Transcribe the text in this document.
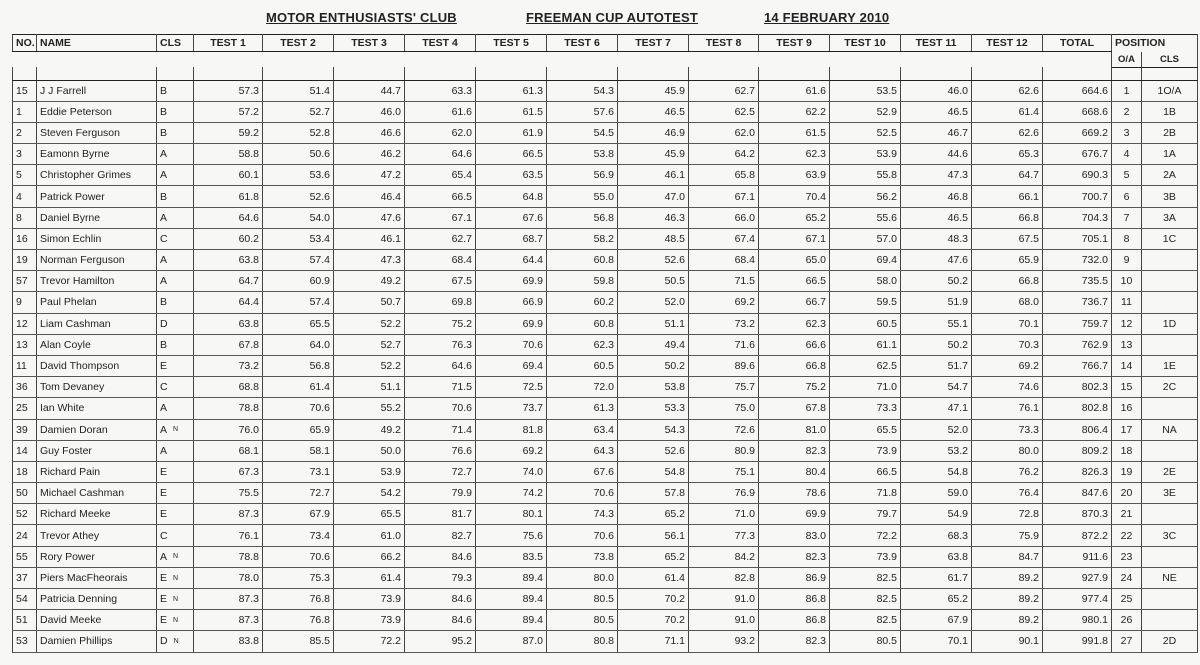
MOTOR ENTHUSIASTS' CLUB	FREEMAN CUP AUTOTEST	14 FEBRUARY 2010
NO.	NAME	CLS	TEST 1	TEST 2	TEST 3	TEST 4	TEST 5	TEST 6	TEST 7	TEST 8	TEST 9	TEST 10	TEST 11	TEST 12	TOTAL	POSITION	
																O/A	CLS

15	J J Farrell	B	57.3	51.4	44.7	63.3	61.3	54.3	45.9	62.7	61.6	53.5	46.0	62.6	664.6	1	1O/A
1	Eddie Peterson	B	57.2	52.7	46.0	61.6	61.5	57.6	46.5	62.5	62.2	52.9	46.5	61.4	668.6	2	1B
2	Steven Ferguson	B	59.2	52.8	46.6	62.0	61.9	54.5	46.9	62.0	61.5	52.5	46.7	62.6	669.2	3	2B
3	Eamonn Byrne	A	58.8	50.6	46.2	64.6	66.5	53.8	45.9	64.2	62.3	53.9	44.6	65.3	676.7	4	1A
5	Christopher Grimes	A	60.1	53.6	47.2	65.4	63.5	56.9	46.1	65.8	63.9	55.8	47.3	64.7	690.3	5	2A
4	Patrick Power	B	61.8	52.6	46.4	66.5	64.8	55.0	47.0	67.1	70.4	56.2	46.8	66.1	700.7	6	3B
8	Daniel Byrne	A	64.6	54.0	47.6	67.1	67.6	56.8	46.3	66.0	65.2	55.6	46.5	66.8	704.3	7	3A
16	Simon Echlin	C	60.2	53.4	46.1	62.7	68.7	58.2	48.5	67.4	67.1	57.0	48.3	67.5	705.1	8	1C
19	Norman Ferguson	A	63.8	57.4	47.3	68.4	64.4	60.8	52.6	68.4	65.0	69.4	47.6	65.9	732.0	9	
57	Trevor Hamilton	A	64.7	60.9	49.2	67.5	69.9	59.8	50.5	71.5	66.5	58.0	50.2	66.8	735.5	10	
9	Paul Phelan	B	64.4	57.4	50.7	69.8	66.9	60.2	52.0	69.2	66.7	59.5	51.9	68.0	736.7	11	
12	Liam Cashman	D	63.8	65.5	52.2	75.2	69.9	60.8	51.1	73.2	62.3	60.5	55.1	70.1	759.7	12	1D
13	Alan Coyle	B	67.8	64.0	52.7	76.3	70.6	62.3	49.4	71.6	66.6	61.1	50.2	70.3	762.9	13	
11	David Thompson	E	73.2	56.8	52.2	64.6	69.4	60.5	50.2	89.6	66.8	62.5	51.7	69.2	766.7	14	1E
36	Tom Devaney	C	68.8	61.4	51.1	71.5	72.5	72.0	53.8	75.7	75.2	71.0	54.7	74.6	802.3	15	2C
25	Ian White	A	78.8	70.6	55.2	70.6	73.7	61.3	53.3	75.0	67.8	73.3	47.1	76.1	802.8	16	
39	Damien Doran	A N	76.0	65.9	49.2	71.4	81.8	63.4	54.3	72.6	81.0	65.5	52.0	73.3	806.4	17	NA
14	Guy Foster	A	68.1	58.1	50.0	76.6	69.2	64.3	52.6	80.9	82.3	73.9	53.2	80.0	809.2	18	
18	Richard Pain	E	67.3	73.1	53.9	72.7	74.0	67.6	54.8	75.1	80.4	66.5	54.8	76.2	826.3	19	2E
50	Michael Cashman	E	75.5	72.7	54.2	79.9	74.2	70.6	57.8	76.9	78.6	71.8	59.0	76.4	847.6	20	3E
52	Richard Meeke	E	87.3	67.9	65.5	81.7	80.1	74.3	65.2	71.0	69.9	79.7	54.9	72.8	870.3	21	
24	Trevor Athey	C	76.1	73.4	61.0	82.7	75.6	70.6	56.1	77.3	83.0	72.2	68.3	75.9	872.2	22	3C
55	Rory Power	A N	78.8	70.6	66.2	84.6	83.5	73.8	65.2	84.2	82.3	73.9	63.8	84.7	911.6	23	
37	Piers MacFheorais	E N	78.0	75.3	61.4	79.3	89.4	80.0	61.4	82.8	86.9	82.5	61.7	89.2	927.9	24	NE
54	Patricia Denning	E N	87.3	76.8	73.9	84.6	89.4	80.5	70.2	91.0	86.8	82.5	65.2	89.2	977.4	25	
51	David Meeke	E N	87.3	76.8	73.9	84.6	89.4	80.5	70.2	91.0	86.8	82.5	67.9	89.2	980.1	26	
53	Damien Phillips	D N	83.8	85.5	72.2	95.2	87.0	80.8	71.1	93.2	82.3	80.5	70.1	90.1	991.8	27	2D
